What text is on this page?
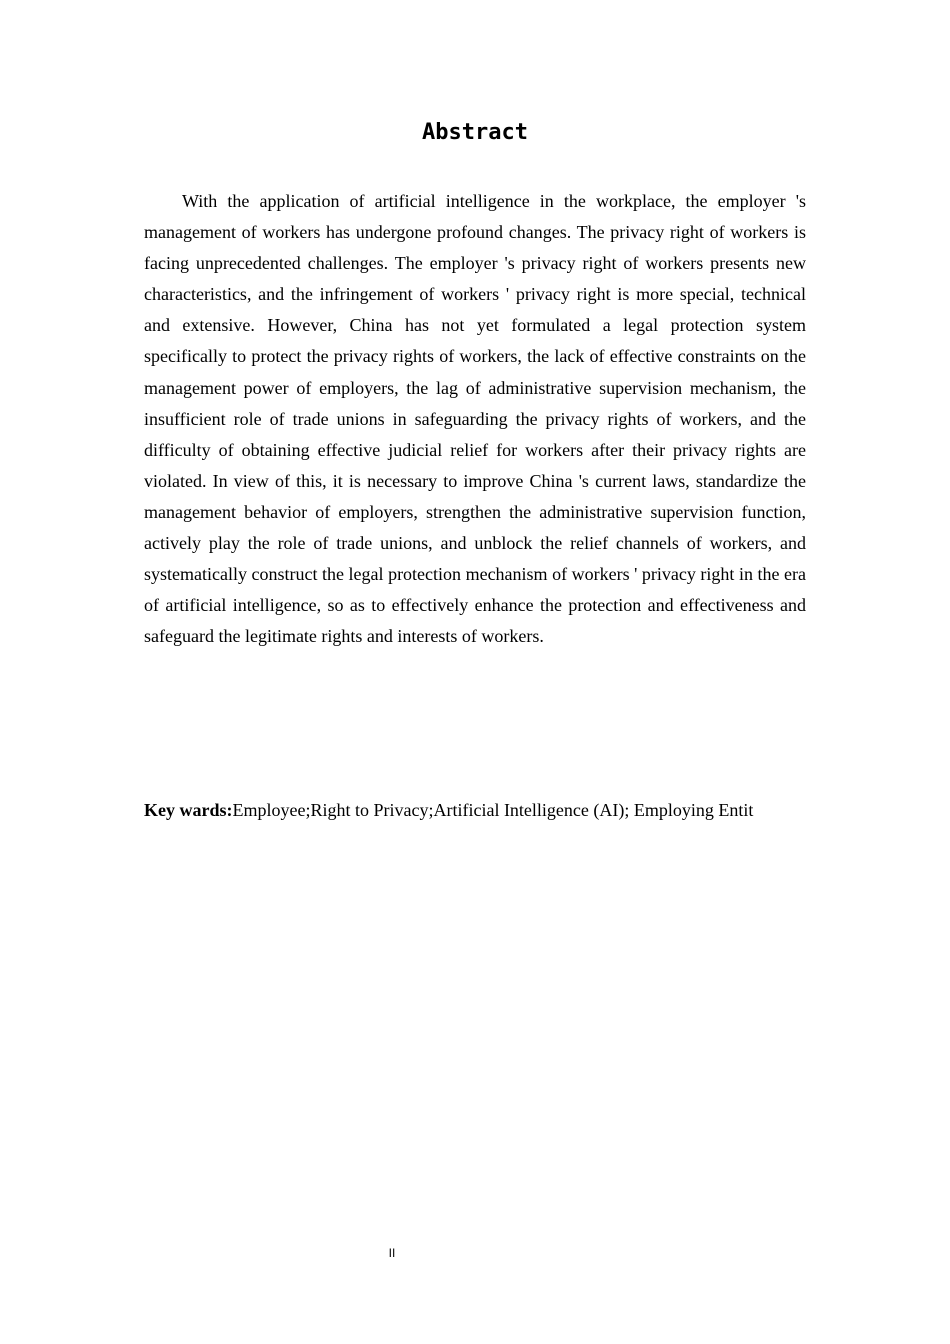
Abstract

With the application of artificial intelligence in the workplace, the employer 's management of workers has undergone profound changes. The privacy right of workers is facing unprecedented challenges. The employer 's privacy right of workers presents new characteristics, and the infringement of workers ' privacy right is more special, technical and extensive. However, China has not yet formulated a legal protection system specifically to protect the privacy rights of workers, the lack of effective constraints on the management power of employers, the lag of administrative supervision mechanism, the insufficient role of trade unions in safeguarding the privacy rights of workers, and the difficulty of obtaining effective judicial relief for workers after their privacy rights are violated. In view of this, it is necessary to improve China 's current laws, standardize the management behavior of employers, strengthen the administrative supervision function, actively play the role of trade unions, and unblock the relief channels of workers, and systematically construct the legal protection mechanism of workers ' privacy right in the era of artificial intelligence, so as to effectively enhance the protection and effectiveness and safeguard the legitimate rights and interests of workers.

Key wards:Employee;Right to Privacy;Artificial Intelligence (AI); Employing Entit

II
